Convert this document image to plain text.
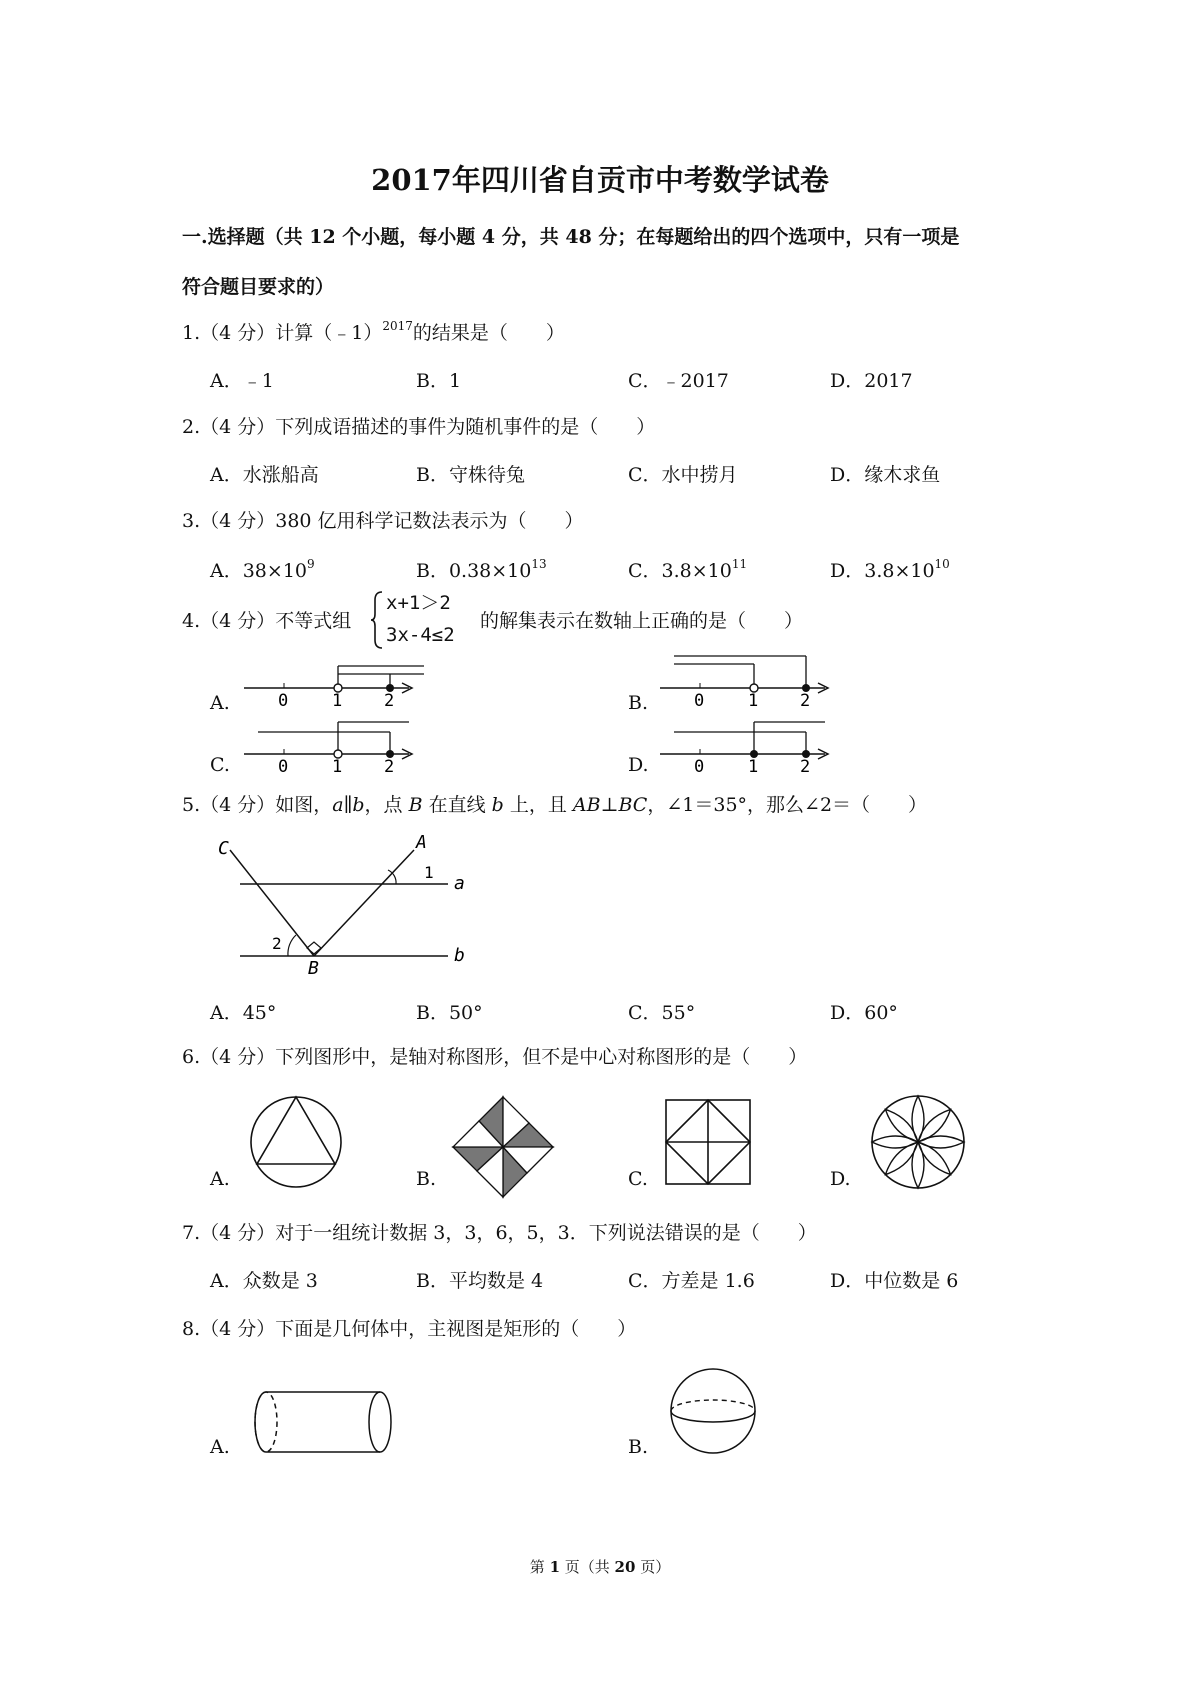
2017年四川省自贡市中考数学试卷
一.选择题（共 12 个小题，每小题 4 分，共 48 分；在每题给出的四个选项中，只有一项是
符合题目要求的）
1.（4 分）计算（﹣1）$^{2017}$的结果是（　　）
A．﹣1	B．1	C．﹣2017	D．2017
2.（4 分）下列成语描述的事件为随机事件的是（　　）
A．水涨船高	B．守株待兔	C．水中捞月	D．缘木求鱼
3.（4 分）380 亿用科学记数法表示为（　　）
A．$38\times 10^9$	B．$0.38\times 10^{13}$	C．$3.8\times 10^{11}$	D．$3.8\times 10^{10}$
4.（4 分）不等式组
x+1＞2
3x-4≤2
的解集表示在数轴上正确的是（　　）
A.	0	1 2	B.	0	1 2
C.	0	1 2	D.	0	1 2
5.（4 分）如图，a∥b，点 B 在直线 b 上，且 AB⊥BC，∠1＝35°，那么∠2＝（　　）
C	A
1
a
2
B
b
A．45°	B．50°	C．55°	D．60°
6.（4 分）下列图形中，是轴对称图形，但不是中心对称图形的是（　　）
A.	B.	C.	D.
7.（4 分）对于一组统计数据 3，3，6，5，3．下列说法错误的是（　　）
A．众数是 3	B．平均数是 4	C．方差是 1.6	D．中位数是 6
8.（4 分）下面是几何体中，主视图是矩形的（　　）
A.	B.
第 1 页（共 20 页）
